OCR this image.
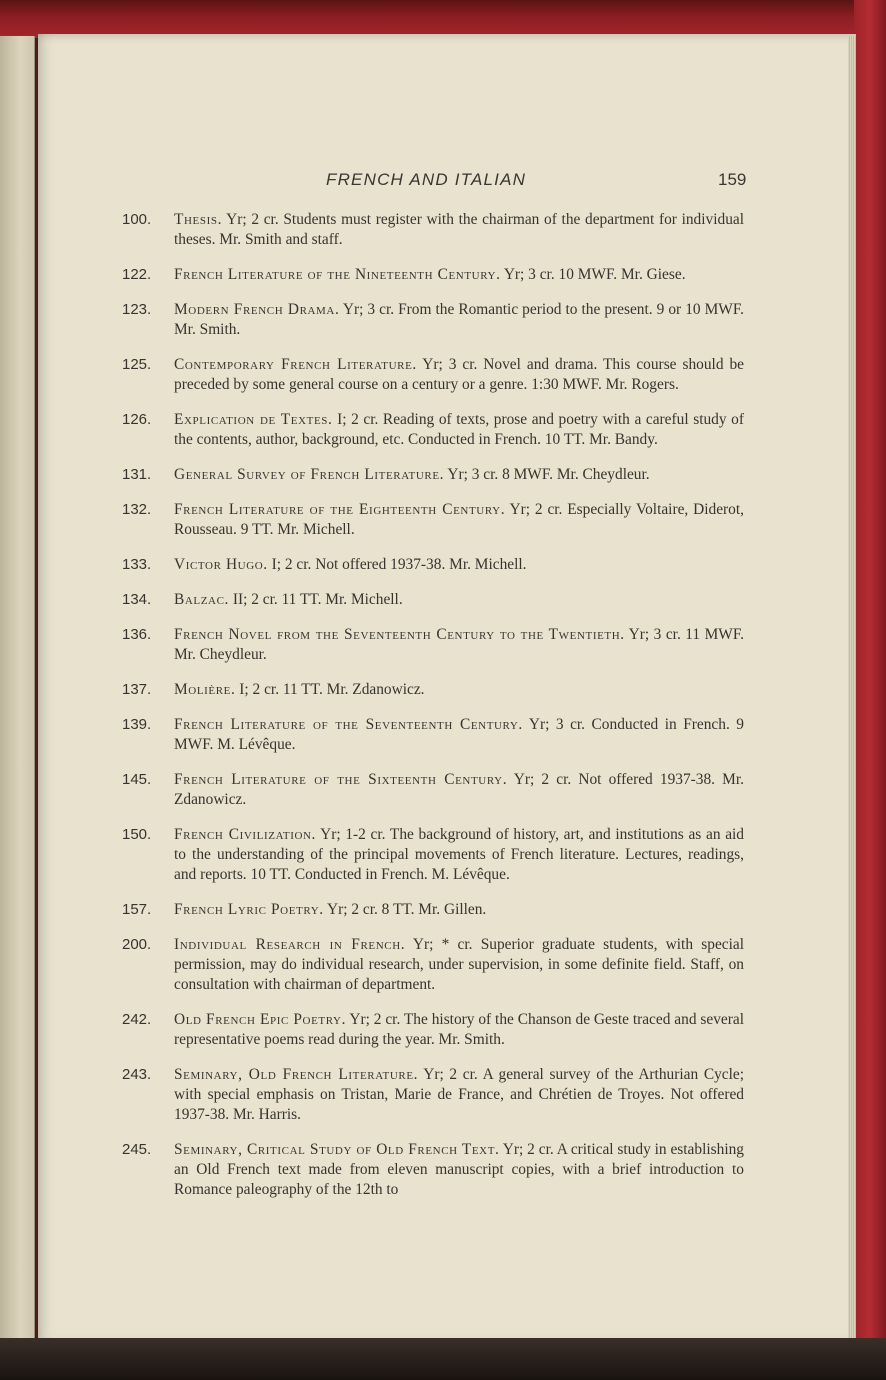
FRENCH AND ITALIAN	159
100.	Thesis. Yr; 2 cr. Students must register with the chairman of the department for individual theses. Mr. Smith and staff.
122.	French Literature of the Nineteenth Century. Yr; 3 cr. 10 MWF. Mr. Giese.
123.	Modern French Drama. Yr; 3 cr. From the Romantic period to the present. 9 or 10 MWF. Mr. Smith.
125.	Contemporary French Literature. Yr; 3 cr. Novel and drama. This course should be preceded by some general course on a century or a genre. 1:30 MWF. Mr. Rogers.
126.	Explication de Textes. I; 2 cr. Reading of texts, prose and poetry with a careful study of the contents, author, background, etc. Conducted in French. 10 TT. Mr. Bandy.
131.	General Survey of French Literature. Yr; 3 cr. 8 MWF. Mr. Cheydleur.
132.	French Literature of the Eighteenth Century. Yr; 2 cr. Especially Voltaire, Diderot, Rousseau. 9 TT. Mr. Michell.
133.	Victor Hugo. I; 2 cr. Not offered 1937-38. Mr. Michell.
134.	Balzac. II; 2 cr. 11 TT. Mr. Michell.
136.	French Novel from the Seventeenth Century to the Twentieth. Yr; 3 cr. 11 MWF. Mr. Cheydleur.
137.	Molière. I; 2 cr. 11 TT. Mr. Zdanowicz.
139.	French Literature of the Seventeenth Century. Yr; 3 cr. Conducted in French. 9 MWF. M. Lévêque.
145.	French Literature of the Sixteenth Century. Yr; 2 cr. Not offered 1937-38. Mr. Zdanowicz.
150.	French Civilization. Yr; 1-2 cr. The background of history, art, and institutions as an aid to the understanding of the principal movements of French literature. Lectures, readings, and reports. 10 TT. Conducted in French. M. Lévêque.
157.	French Lyric Poetry. Yr; 2 cr. 8 TT. Mr. Gillen.
200.	Individual Research in French. Yr; * cr. Superior graduate students, with special permission, may do individual research, under supervision, in some definite field. Staff, on consultation with chairman of department.
242.	Old French Epic Poetry. Yr; 2 cr. The history of the Chanson de Geste traced and several representative poems read during the year. Mr. Smith.
243.	Seminary, Old French Literature. Yr; 2 cr. A general survey of the Arthurian Cycle; with special emphasis on Tristan, Marie de France, and Chrétien de Troyes. Not offered 1937-38. Mr. Harris.
245.	Seminary, Critical Study of Old French Text. Yr; 2 cr. A critical study in establishing an Old French text made from eleven manuscript copies, with a brief introduction to Romance paleography of the 12th to
